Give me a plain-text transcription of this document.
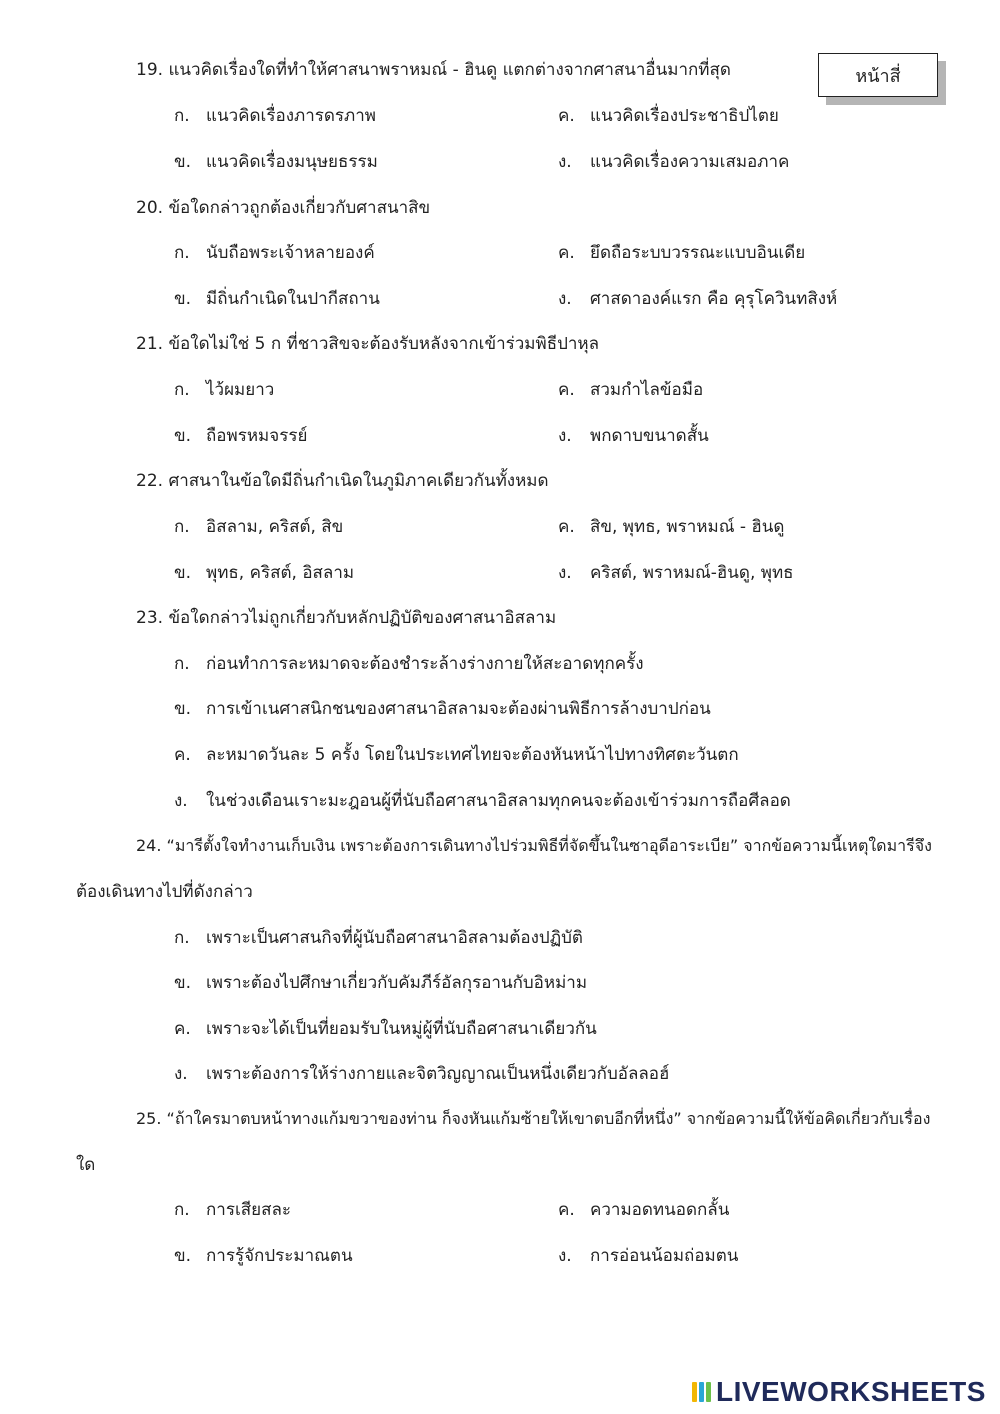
หน้าสี่
19. แนวคิดเรื่องใดที่ทำให้ศาสนาพราหมณ์ - ฮินดู แตกต่างจากศาสนาอื่นมากที่สุด
ก. แนวคิดเรื่องภารดรภาพ	ค. แนวคิดเรื่องประชาธิปไตย
ข. แนวคิดเรื่องมนุษยธรรม	ง. แนวคิดเรื่องความเสมอภาค
20. ข้อใดกล่าวถูกต้องเกี่ยวกับศาสนาสิข
ก. นับถือพระเจ้าหลายองค์	ค. ยึดถือระบบวรรณะแบบอินเดีย
ข. มีถิ่นกำเนิดในปากีสถาน	ง. ศาสดาองค์แรก คือ คุรุโควินทสิงห์
21. ข้อใดไม่ใช่ 5 ก ที่ชาวสิขจะต้องรับหลังจากเข้าร่วมพิธีปาหุล
ก. ไว้ผมยาว	ค. สวมกำไลข้อมือ
ข. ถือพรหมจรรย์	ง. พกดาบขนาดสั้น
22. ศาสนาในข้อใดมีถิ่นกำเนิดในภูมิภาคเดียวกันทั้งหมด
ก. อิสลาม, คริสต์, สิข	ค. สิข, พุทธ, พราหมณ์ - ฮินดู
ข. พุทธ, คริสต์, อิสลาม	ง. คริสต์, พราหมณ์-ฮินดู, พุทธ
23. ข้อใดกล่าวไม่ถูกเกี่ยวกับหลักปฏิบัติของศาสนาอิสลาม
ก. ก่อนทำการละหมาดจะต้องชำระล้างร่างกายให้สะอาดทุกครั้ง
ข. การเข้าเนศาสนิกชนของศาสนาอิสลามจะต้องผ่านพิธีการล้างบาปก่อน
ค. ละหมาดวันละ 5 ครั้ง โดยในประเทศไทยจะต้องหันหน้าไปทางทิศตะวันตก
ง. ในช่วงเดือนเราะมะฎอนผู้ที่นับถือศาสนาอิสลามทุกคนจะต้องเข้าร่วมการถือศีลอด
24. “มารีตั้งใจทำงานเก็บเงิน เพราะต้องการเดินทางไปร่วมพิธีที่จัดขึ้นในซาอุดีอาระเบีย” จากข้อความนี้เหตุใดมารีจึง
ต้องเดินทางไปที่ดังกล่าว
ก. เพราะเป็นศาสนกิจที่ผู้นับถือศาสนาอิสลามต้องปฏิบัติ
ข. เพราะต้องไปศึกษาเกี่ยวกับคัมภีร์อัลกุรอานกับอิหม่าม
ค. เพราะจะได้เป็นที่ยอมรับในหมู่ผู้ที่นับถือศาสนาเดียวกัน
ง. เพราะต้องการให้ร่างกายและจิตวิญญาณเป็นหนึ่งเดียวกับอัลลอฮ์
25. “ถ้าใครมาตบหน้าทางแก้มขวาของท่าน ก็จงหันแก้มซ้ายให้เขาตบอีกที่หนึ่ง” จากข้อความนี้ให้ข้อคิดเกี่ยวกับเรื่อง
ใด
ก. การเสียสละ	ค. ความอดทนอดกลั้น
ข. การรู้จักประมาณตน	ง. การอ่อนน้อมถ่อมตน
LIVEWORKSHEETS
